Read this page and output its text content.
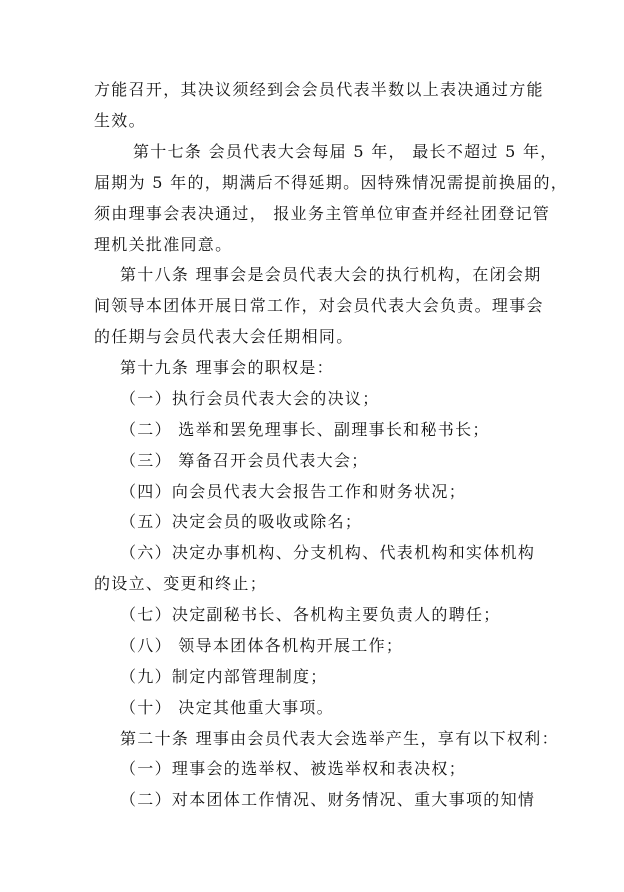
方能召开，其决议须经到会会员代表半数以上表决通过方能
生效。
第十七条 会员代表大会每届 5 年， 最长不超过 5 年，
届期为 5 年的，期满后不得延期。因特殊情况需提前换届的，
须由理事会表决通过， 报业务主管单位审查并经社团登记管
理机关批准同意。
第十八条 理事会是会员代表大会的执行机构，在闭会期
间领导本团体开展日常工作，对会员代表大会负责。理事会
的任期与会员代表大会任期相同。
第十九条 理事会的职权是：
（一）执行会员代表大会的决议；
（二） 选举和罢免理事长、副理事长和秘书长；
（三） 筹备召开会员代表大会；
（四）向会员代表大会报告工作和财务状况；
（五）决定会员的吸收或除名；
（六）决定办事机构、分支机构、代表机构和实体机构
的设立、变更和终止；
（七）决定副秘书长、各机构主要负责人的聘任；
（八） 领导本团体各机构开展工作；
（九）制定内部管理制度；
（十） 决定其他重大事项。
第二十条 理事由会员代表大会选举产生，享有以下权利：
（一）理事会的选举权、被选举权和表决权；
（二）对本团体工作情况、财务情况、重大事项的知情
